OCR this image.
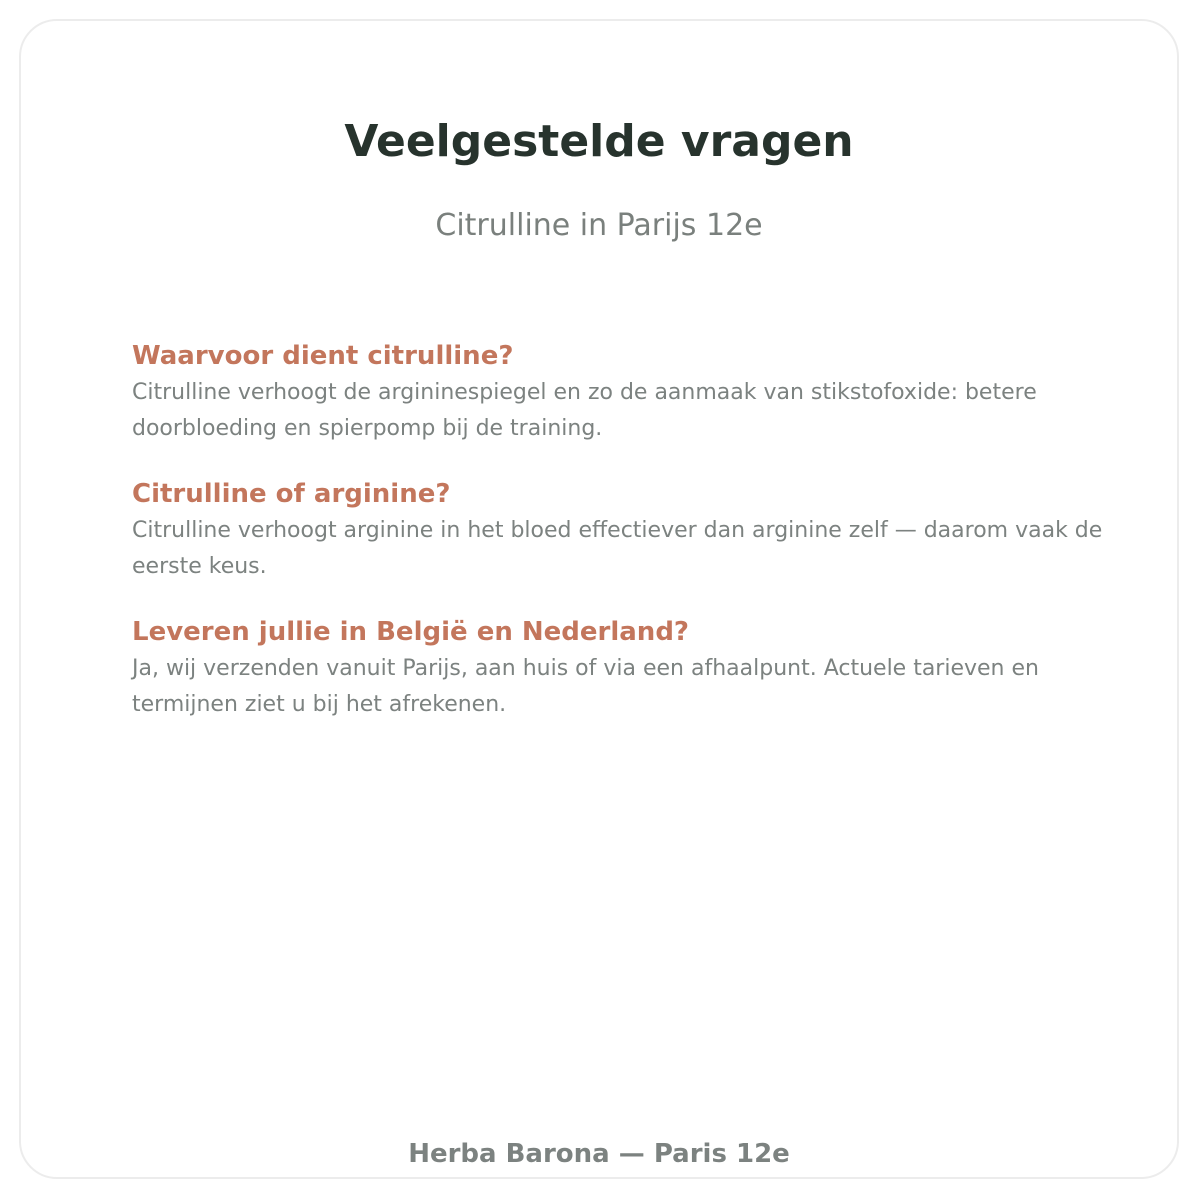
Veelgestelde vragen

Citrulline in Parijs 12e

Waarvoor dient citrulline?

Citrulline verhoogt de argininespiegel en zo de aanmaak van stikstofoxide: betere doorbloeding en spierpomp bij de training.

Citrulline of arginine?

Citrulline verhoogt arginine in het bloed effectiever dan arginine zelf — daarom vaak de eerste keus.

Leveren jullie in België en Nederland?

Ja, wij verzenden vanuit Parijs, aan huis of via een afhaalpunt. Actuele tarieven en termijnen ziet u bij het afrekenen.

Herba Barona — Paris 12e
